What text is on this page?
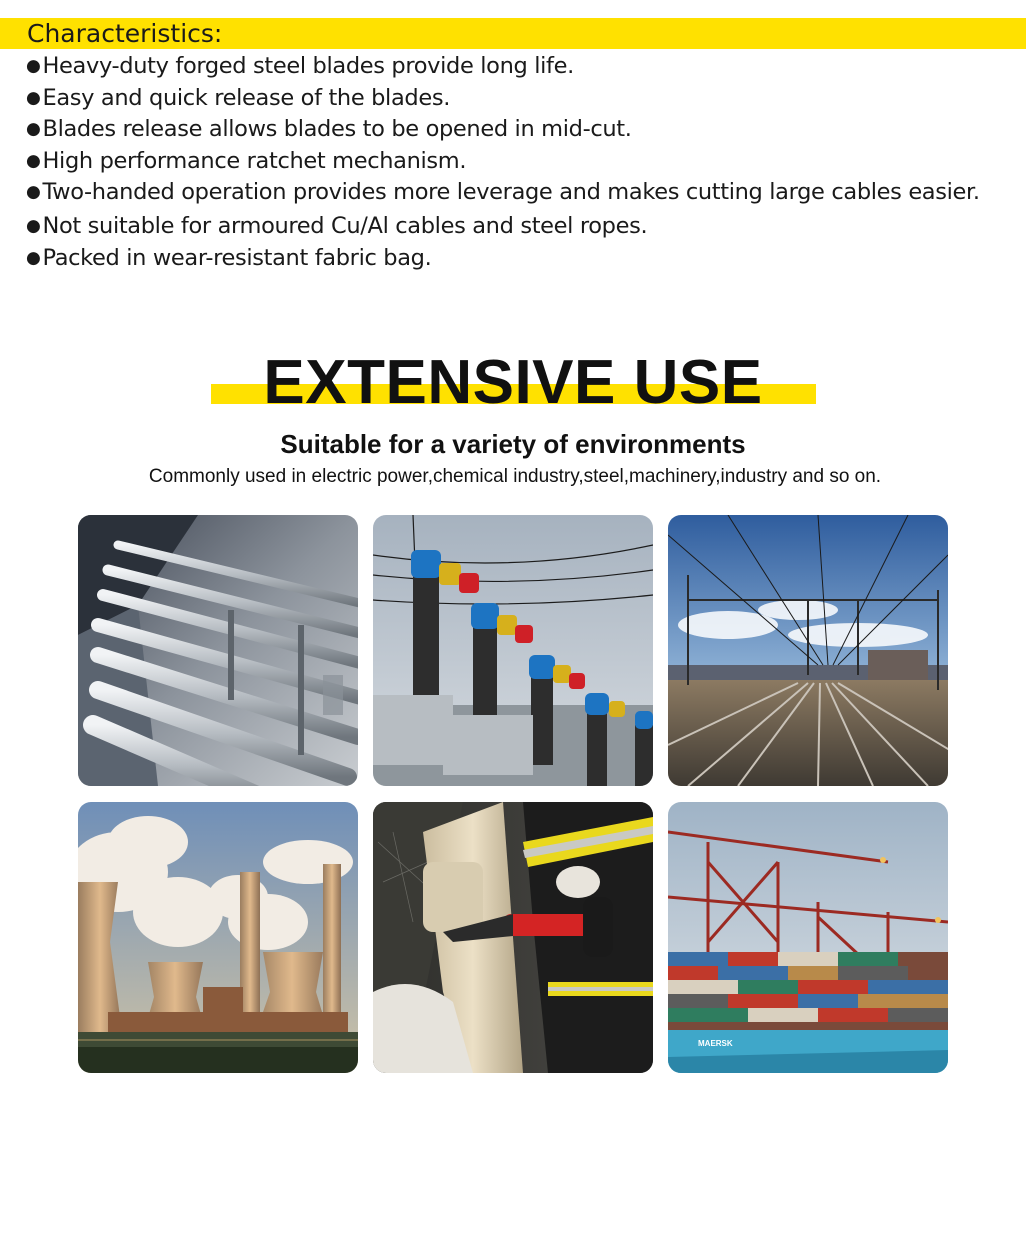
Characteristics:
●Heavy-duty forged steel blades provide long life.
●Easy and quick release of the blades.
●Blades release allows blades to be opened in mid-cut.
●High performance ratchet mechanism.
●Two-handed operation provides more leverage and makes cutting large cables easier.
●Not suitable for armoured Cu/Al cables and steel ropes.
●Packed in wear-resistant fabric bag.
EXTENSIVE USE
Suitable for a variety of environments
Commonly used in electric power,chemical industry,steel,machinery,industry and so on.
MAERSK
